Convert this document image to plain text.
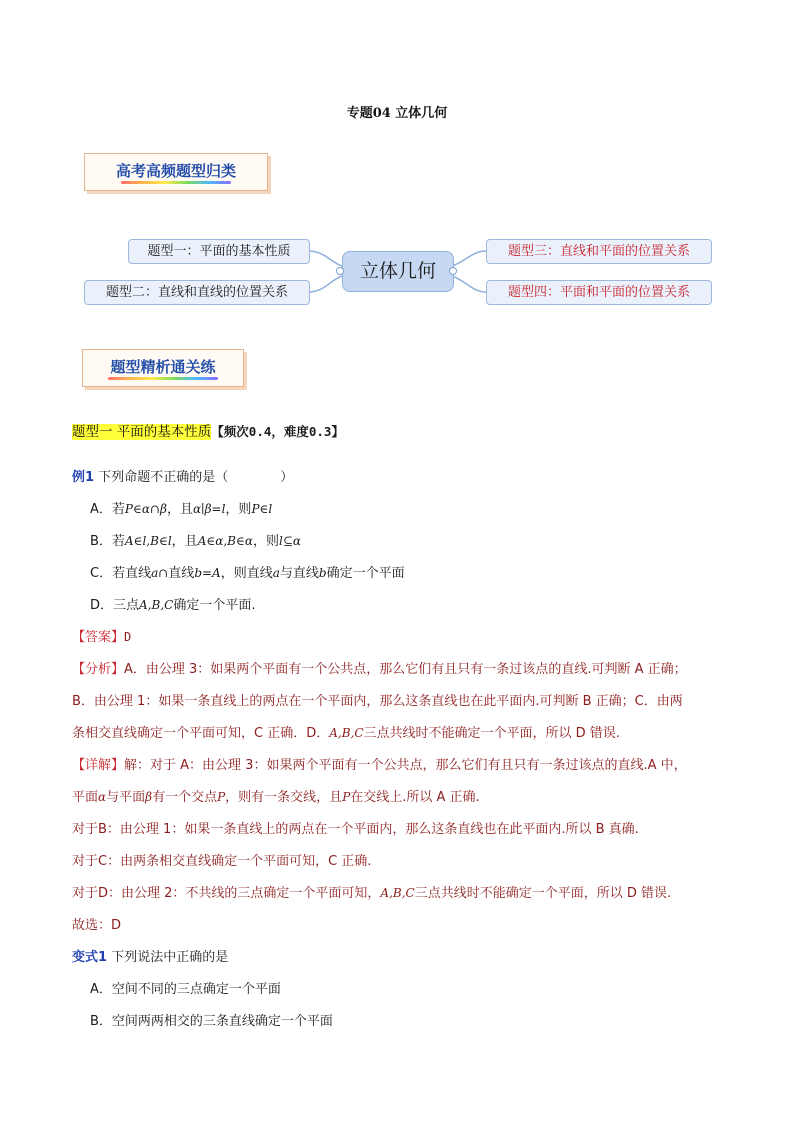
专题04 立体几何
高考高频题型归类
立体几何
题型一：平面的基本性质
题型二：直线和直线的位置关系
题型三：直线和平面的位置关系
题型四：平面和平面的位置关系
题型精析通关练
题型一 平面的基本性质【频次0.4，难度0.3】
例1 下列命题不正确的是（　　　　）
A．若P∈α∩β，且α∣β=l，则P∈l
B．若A∈l,B∈l，且A∈α,B∈α，则l⊆α
C．若直线a∩直线b=A，则直线a与直线b确定一个平面
D．三点A,B,C确定一个平面.
【答案】D
【分析】A．由公理 3：如果两个平面有一个公共点，那么它们有且只有一条过该点的直线.可判断 A 正确；
B．由公理 1：如果一条直线上的两点在一个平面内，那么这条直线也在此平面内.可判断 B 正确；C．由两
条相交直线确定一个平面可知，C 正确．D．A,B,C三点共线时不能确定一个平面，所以 D 错误.
【详解】解：对于 A：由公理 3：如果两个平面有一个公共点，那么它们有且只有一条过该点的直线.A 中，
平面α与平面β有一个交点P，则有一条交线，且P在交线上.所以 A 正确.
对于B：由公理 1：如果一条直线上的两点在一个平面内，那么这条直线也在此平面内.所以 B 真确.
对于C：由两条相交直线确定一个平面可知，C 正确.
对于D：由公理 2：不共线的三点确定一个平面可知，A,B,C三点共线时不能确定一个平面，所以 D 错误.
故选：D
变式1 下列说法中正确的是
A．空间不同的三点确定一个平面
B．空间两两相交的三条直线确定一个平面
